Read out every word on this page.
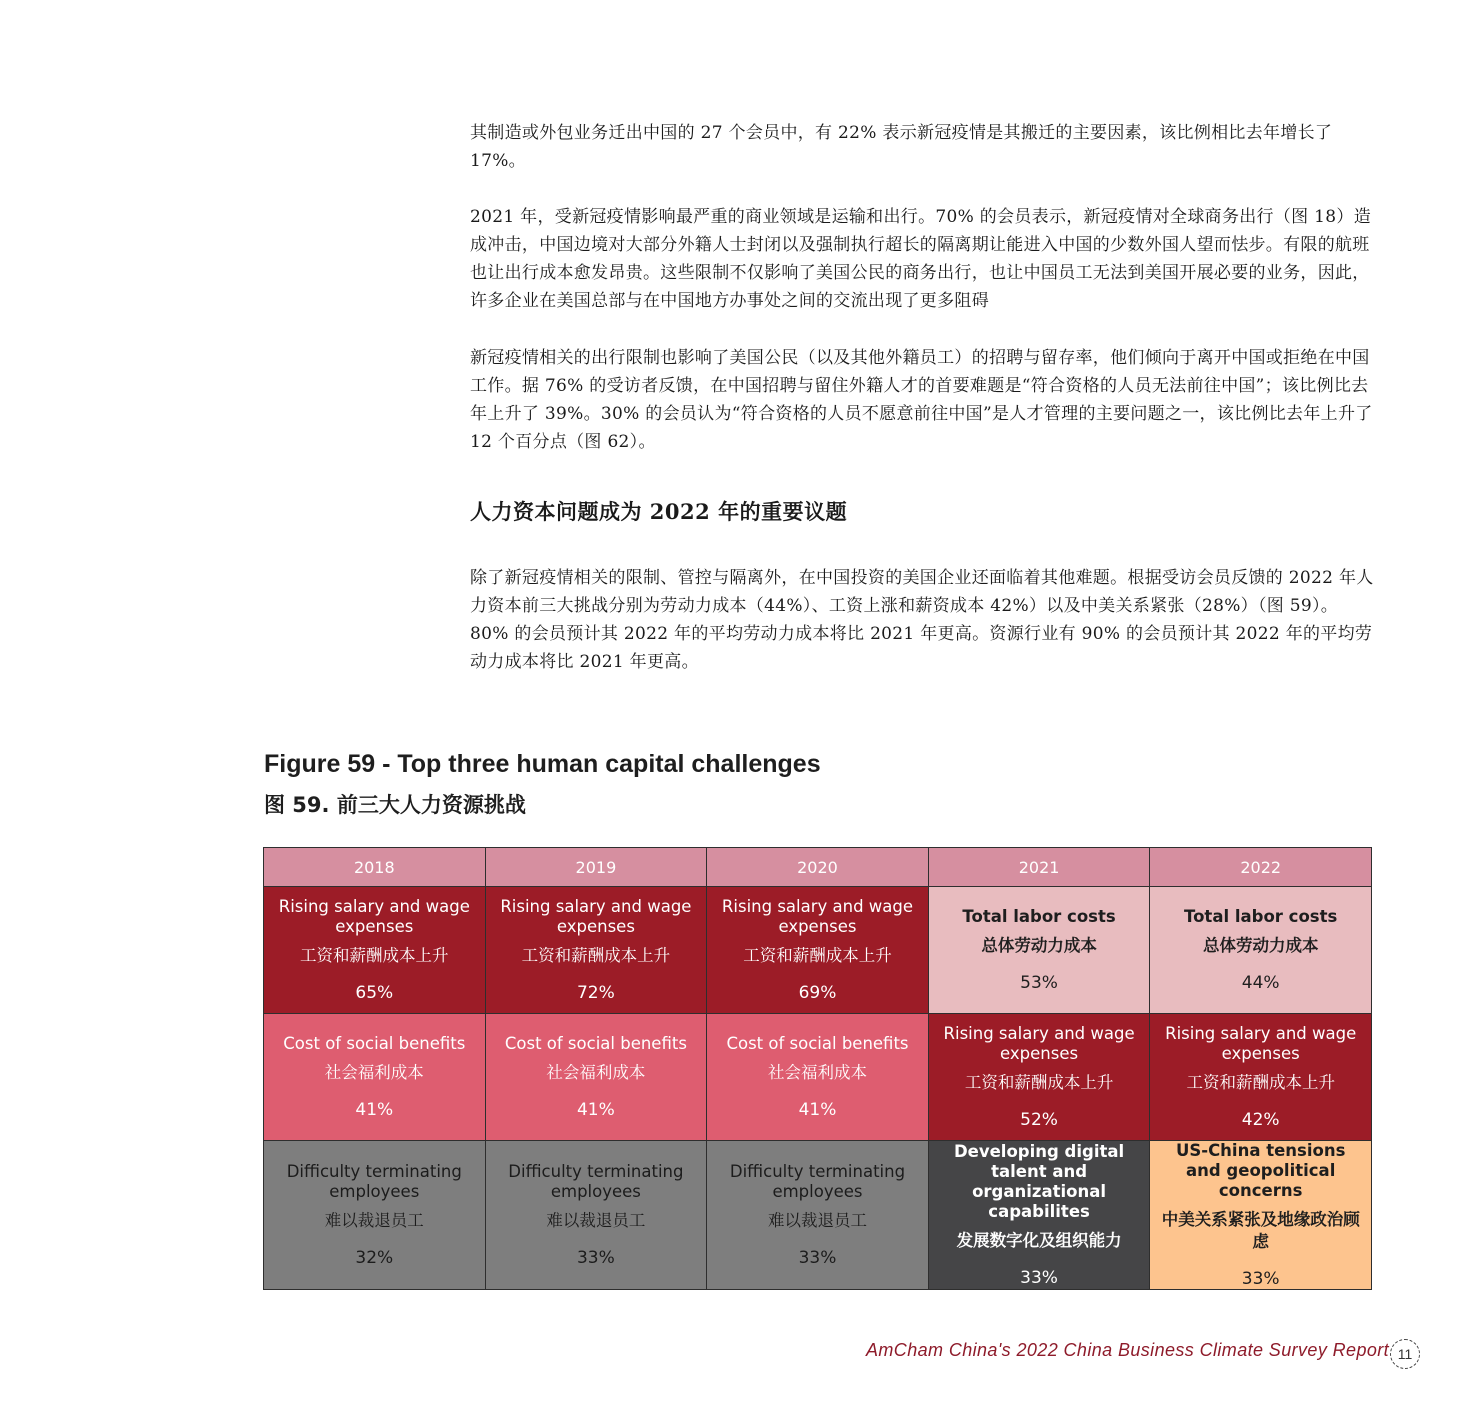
其制造或外包业务迁出中国的 27 个会员中，有 22% 表示新冠疫情是其搬迁的主要因素，该比例相比去年增长了 17%。

2021 年，受新冠疫情影响最严重的商业领域是运输和出行。70% 的会员表示，新冠疫情对全球商务出行（图 18）造成冲击，中国边境对大部分外籍人士封闭以及强制执行超长的隔离期让能进入中国的少数外国人望而怯步。有限的航班也让出行成本愈发昂贵。这些限制不仅影响了美国公民的商务出行，也让中国员工无法到美国开展必要的业务，因此，许多企业在美国总部与在中国地方办事处之间的交流出现了更多阻碍

新冠疫情相关的出行限制也影响了美国公民（以及其他外籍员工）的招聘与留存率，他们倾向于离开中国或拒绝在中国工作。据 76% 的受访者反馈，在中国招聘与留住外籍人才的首要难题是“符合资格的人员无法前往中国”；该比例比去年上升了 39%。30% 的会员认为“符合资格的人员不愿意前往中国”是人才管理的主要问题之一，该比例比去年上升了 12 个百分点（图 62）。

人力资本问题成为 2022 年的重要议题

除了新冠疫情相关的限制、管控与隔离外，在中国投资的美国企业还面临着其他难题。根据受访会员反馈的 2022 年人力资本前三大挑战分别为劳动力成本（44%）、工资上涨和薪资成本 42%）以及中美关系紧张（28%）（图 59）。80% 的会员预计其 2022 年的平均劳动力成本将比 2021 年更高。资源行业有 90% 的会员预计其 2022 年的平均劳动力成本将比 2021 年更高。

Figure 59 - Top three human capital challenges
图 59. 前三大人力资源挑战
2018	2019	2020	2021	2022

Rising salary and wage expenses
工资和薪酬成本上升
65%	Rising salary and wage expenses
工资和薪酬成本上升
72%	Rising salary and wage expenses
工资和薪酬成本上升
69%	Total labor costs
总体劳动力成本
53%	Total labor costs
总体劳动力成本
44%

Cost of social benefits
社会福利成本
41%	Cost of social benefits
社会福利成本
41%	Cost of social benefits
社会福利成本
41%	Rising salary and wage expenses
工资和薪酬成本上升
52%	Rising salary and wage expenses
工资和薪酬成本上升
42%

Difficulty terminating employees
难以裁退员工
32%	Difficulty terminating employees
难以裁退员工
33%	Difficulty terminating employees
难以裁退员工
33%	Developing digital talent and organizational capabilites
发展数字化及组织能力
33%	US-China tensions and geopolitical concerns
中美关系紧张及地缘政治顾虑
33%

AmCham China's 2022 China Business Climate Survey Report 11
